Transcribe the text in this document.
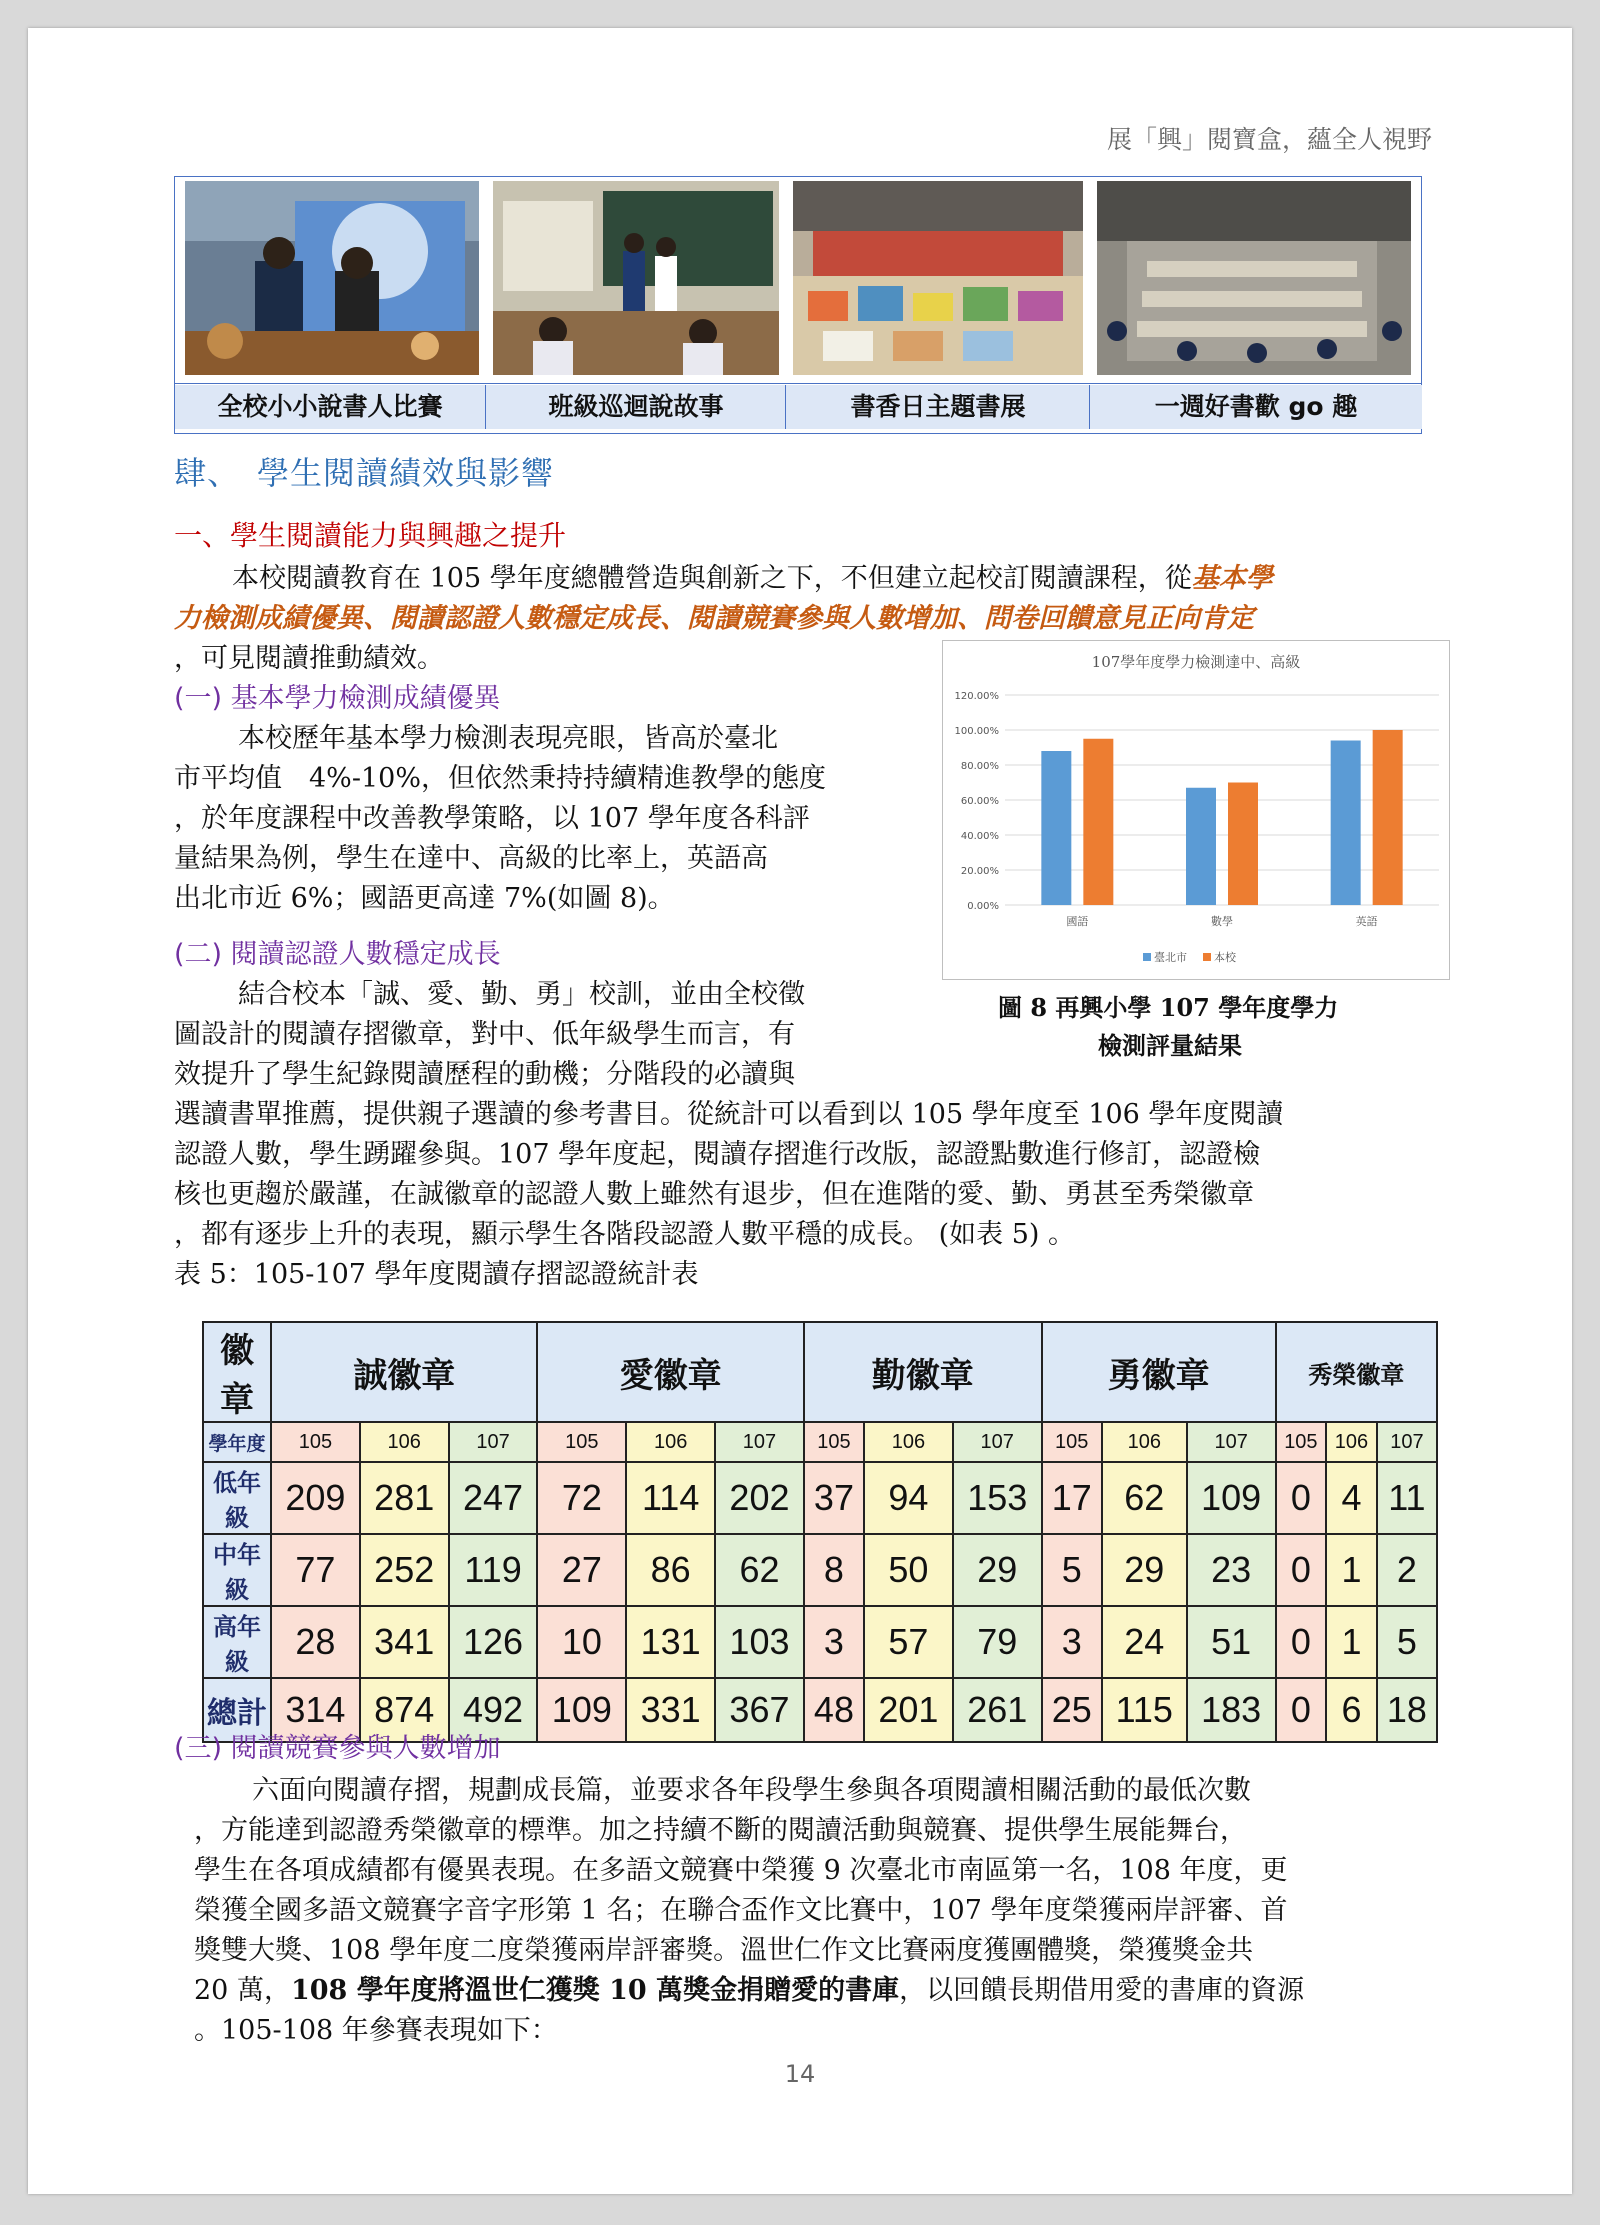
展「興」閱寶盒，蘊全人視野
全校小小說書人比賽	班級巡迴說故事	書香日主題書展	一週好書歡 go 趣
肆、　學生閱讀績效與影響
一、學生閱讀能力與興趣之提升
本校閱讀教育在 105 學年度總體營造與創新之下，不但建立起校訂閱讀課程，從基本學
力檢測成績優異、閱讀認證人數穩定成長、閱讀競賽參與人數增加、問卷回饋意見正向肯定
，可見閱讀推動績效。
(一) 基本學力檢測成績優異
本校歷年基本學力檢測表現亮眼，皆高於臺北
市平均值　4%-10%，但依然秉持持續精進教學的態度
，於年度課程中改善教學策略，以 107 學年度各科評
量結果為例，學生在達中、高級的比率上，英語高
出北市近 6%；國語更高達 7%(如圖 8)。
107學年度學力檢測達中、高級
0.00%
20.00%
40.00%
60.00%
80.00%
100.00%
120.00%
國語	數學	英語
臺北市 本校
圖 8 再興小學 107 學年度學力
檢測評量結果
(二) 閱讀認證人數穩定成長
結合校本「誠、愛、勤、勇」校訓，並由全校徵
圖設計的閱讀存摺徽章，對中、低年級學生而言，有
效提升了學生紀錄閱讀歷程的動機；分階段的必讀與
選讀書單推薦，提供親子選讀的參考書目。從統計可以看到以 105 學年度至 106 學年度閱讀
認證人數，學生踴躍參與。107 學年度起，閱讀存摺進行改版，認證點數進行修訂，認證檢
核也更趨於嚴謹，在誠徽章的認證人數上雖然有退步，但在進階的愛、勤、勇甚至秀榮徽章
，都有逐步上升的表現，顯示學生各階段認證人數平穩的成長。 (如表 5) 。
表 5：105-107 學年度閱讀存摺認證統計表
徽章	誠徽章			愛徽章			勤徽章			勇徽章			秀榮徽章		
學年度	105	106	107	105	106	107	105	106	107	105	106	107	105	106	107
低年級	209	281	247	72	114	202	37	94	153	17	62	109	0	4	11
中年級	77	252	119	27	86	62	8	50	29	5	29	23	0	1	2
高年級	28	341	126	10	131	103	3	57	79	3	24	51	0	1	5
總計	314	874	492	109	331	367	48	201	261	25	115	183	0	6	18
(三) 閱讀競賽參與人數增加
六面向閱讀存摺，規劃成長篇，並要求各年段學生參與各項閱讀相關活動的最低次數
，方能達到認證秀榮徽章的標準。加之持續不斷的閱讀活動與競賽、提供學生展能舞台，
學生在各項成績都有優異表現。在多語文競賽中榮獲 9 次臺北市南區第一名，108 年度，更
榮獲全國多語文競賽字音字形第 1 名；在聯合盃作文比賽中，107 學年度榮獲兩岸評審、首
獎雙大獎、108 學年度二度榮獲兩岸評審獎。溫世仁作文比賽兩度獲團體獎，榮獲獎金共
20 萬，108 學年度將溫世仁獲獎 10 萬獎金捐贈愛的書庫，以回饋長期借用愛的書庫的資源
。105-108 年參賽表現如下：
14
